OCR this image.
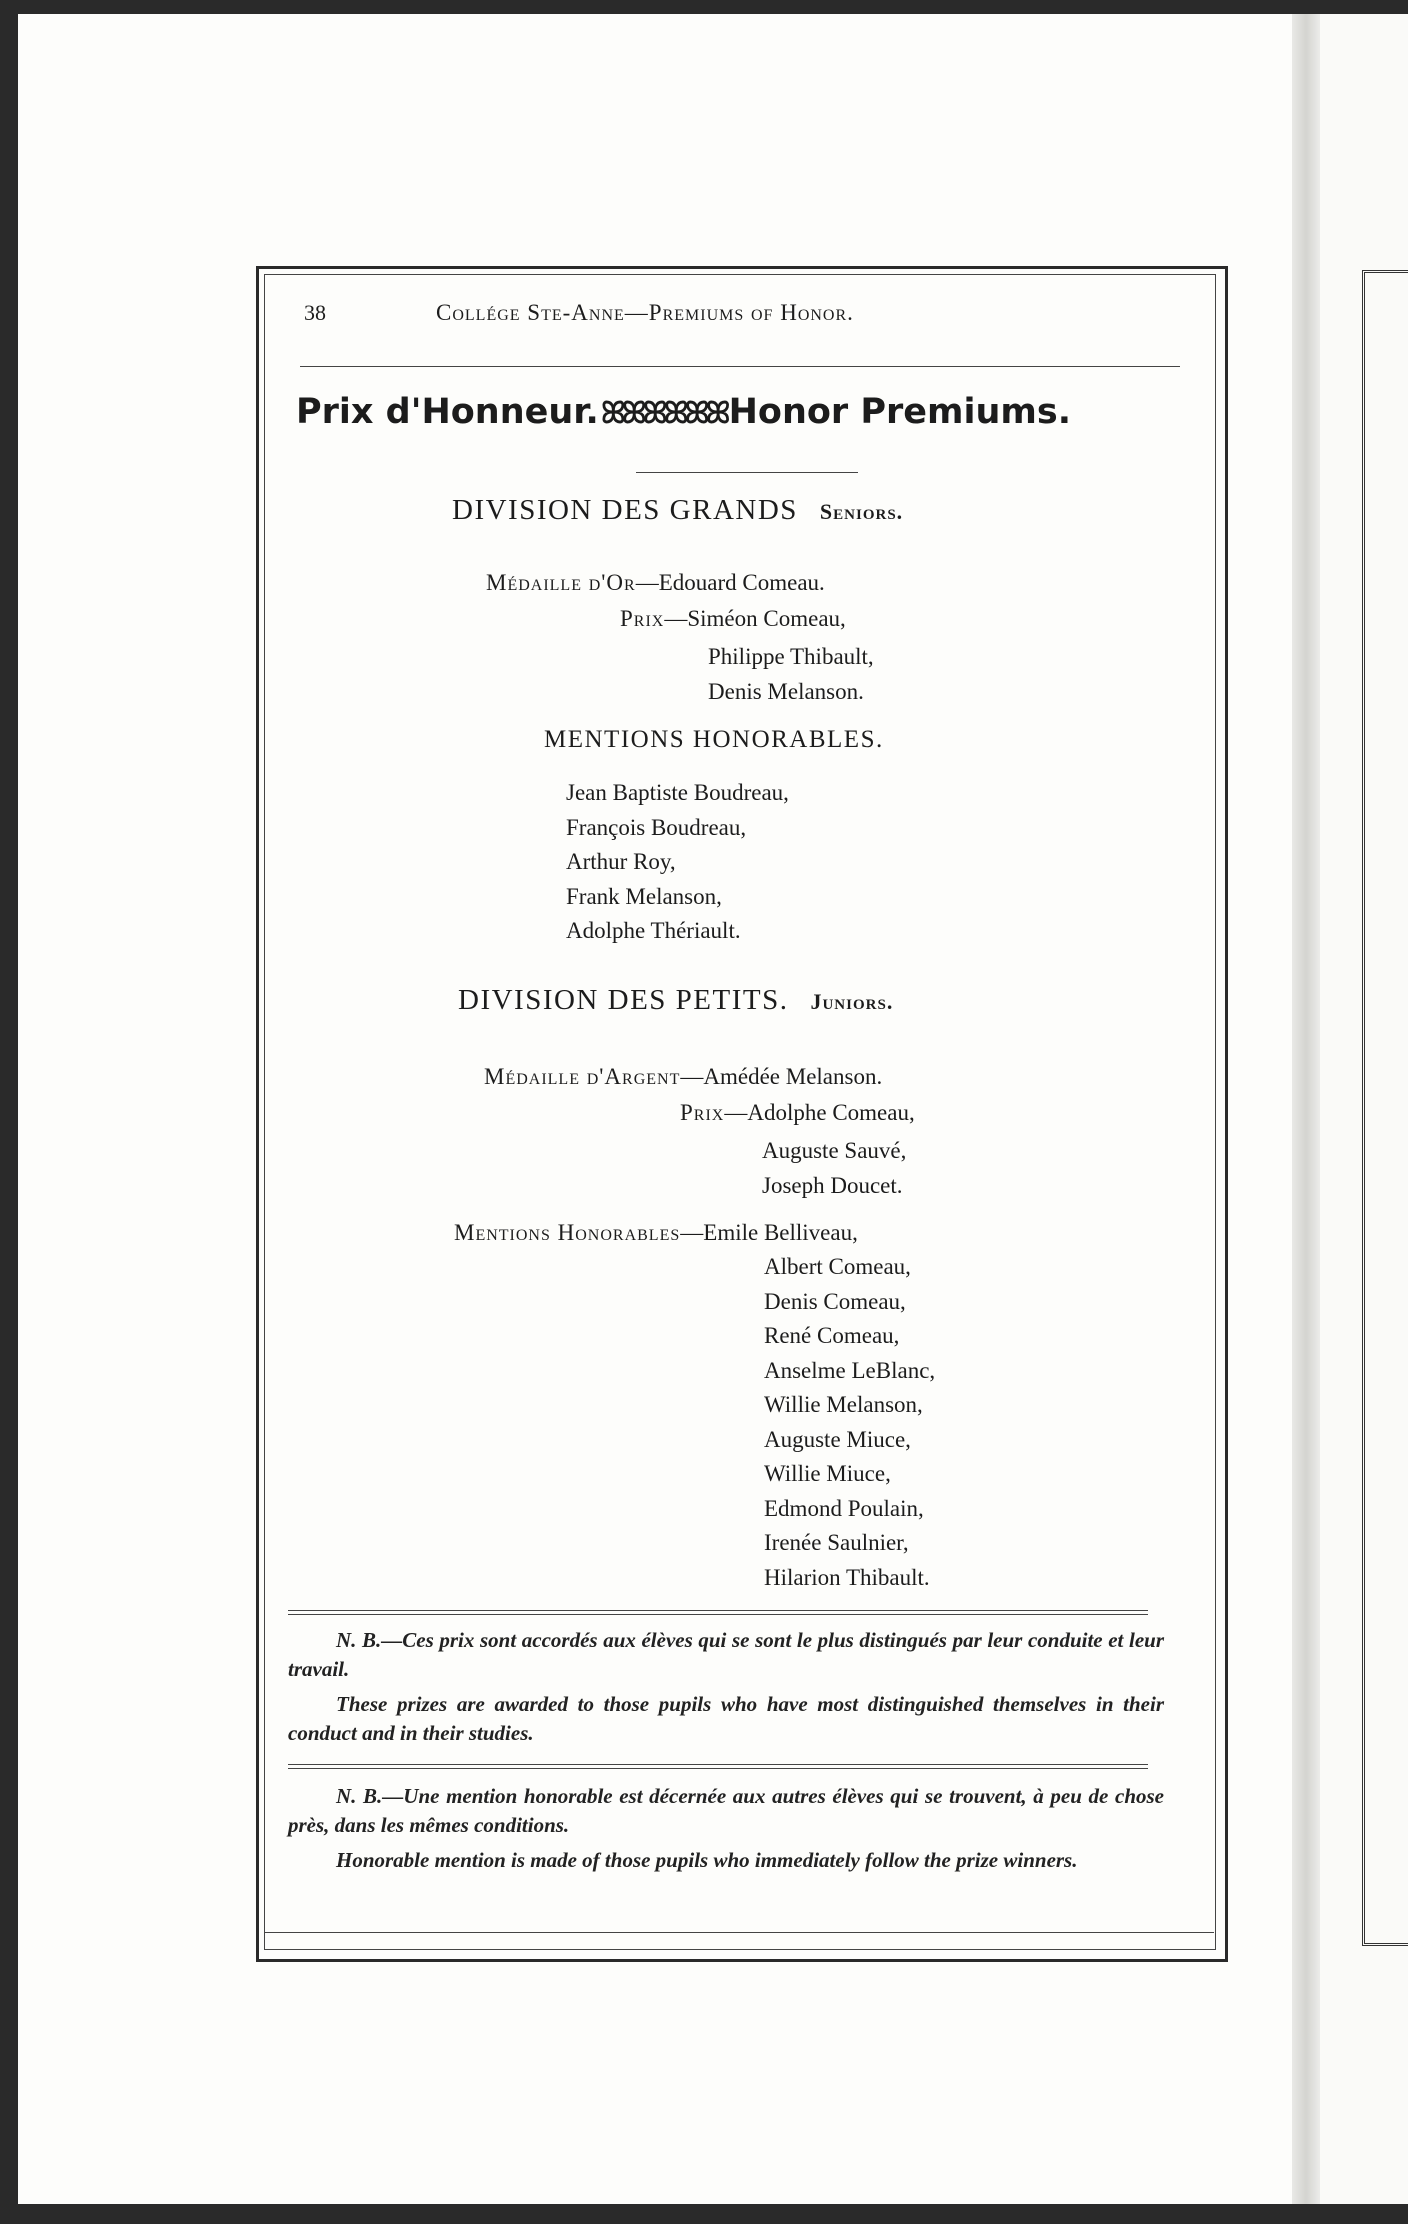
38	Collége Ste-Anne—Premiums of Honor.
Prix d'Honneur.ꕤꕤꕤꕤꕤꕤHonor Premiums.
DIVISION DES GRANDS Seniors.
Médaille d'Or—Edouard Comeau.
Prix—Siméon Comeau,
Philippe Thibault,
Denis Melanson.
MENTIONS HONORABLES.
Jean Baptiste Boudreau,
François Boudreau,
Arthur Roy,
Frank Melanson,
Adolphe Thériault.
DIVISION DES PETITS. Juniors.
Médaille d'Argent—Amédée Melanson.
Prix—Adolphe Comeau,
Auguste Sauvé,
Joseph Doucet.
Mentions Honorables—Emile Belliveau,
Albert Comeau,
Denis Comeau,
René Comeau,
Anselme LeBlanc,
Willie Melanson,
Auguste Miuce,
Willie Miuce,
Edmond Poulain,
Irenée Saulnier,
Hilarion Thibault.

N. B.—Ces prix sont accordés aux élèves qui se sont le plus distingués par leur conduite et leur travail.

These prizes are awarded to those pupils who have most distinguished themselves in their conduct and in their studies.

N. B.—Une mention honorable est décernée aux autres élèves qui se trouvent, à peu de chose près, dans les mêmes conditions.

Honorable mention is made of those pupils who immediately follow the prize winners.
